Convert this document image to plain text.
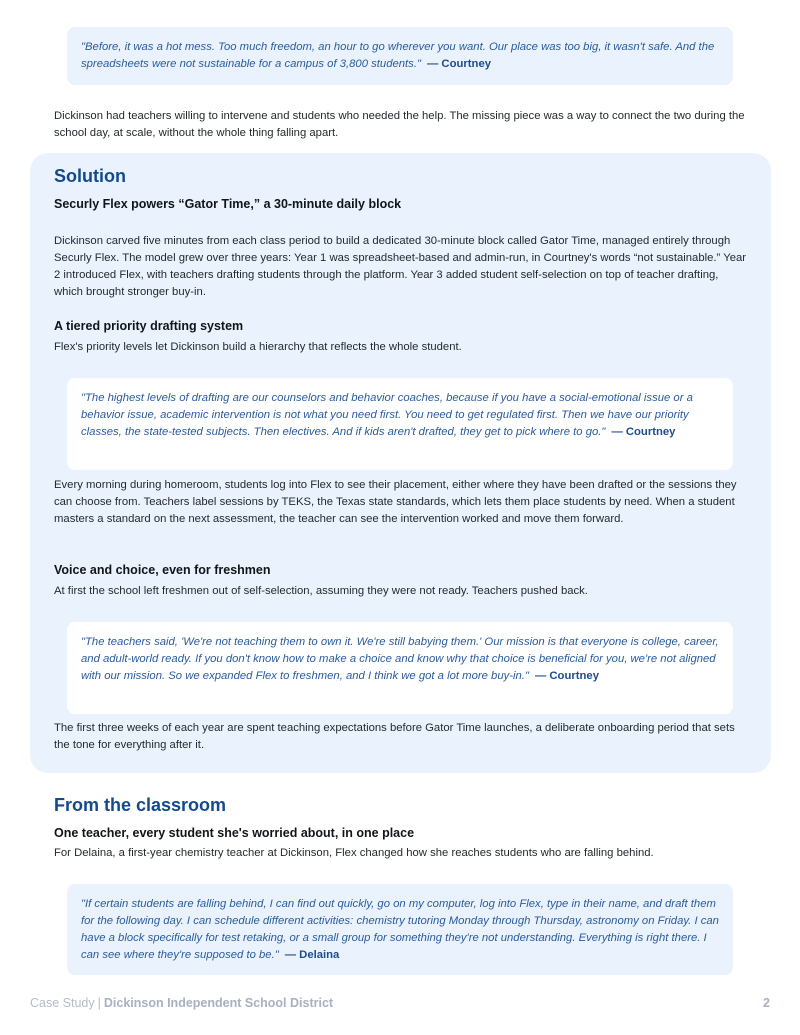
"Before, it was a hot mess. Too much freedom, an hour to go wherever you want. Our place was too big, it wasn't safe. And the spreadsheets were not sustainable for a campus of 3,800 students." — Courtney

Dickinson had teachers willing to intervene and students who needed the help. The missing piece was a way to connect the two during the school day, at scale, without the whole thing falling apart.

Solution
Securly Flex powers “Gator Time,” a 30-minute daily block

Dickinson carved five minutes from each class period to build a dedicated 30-minute block called Gator Time, managed entirely through Securly Flex. The model grew over three years: Year 1 was spreadsheet-based and admin-run, in Courtney's words “not sustainable.” Year 2 introduced Flex, with teachers drafting students through the platform. Year 3 added student self-selection on top of teacher drafting, which brought stronger buy-in.

A tiered priority drafting system

Flex's priority levels let Dickinson build a hierarchy that reflects the whole student.

"The highest levels of drafting are our counselors and behavior coaches, because if you have a social-emotional issue or a behavior issue, academic intervention is not what you need first. You need to get regulated first. Then we have our priority classes, the state-tested subjects. Then electives. And if kids aren't drafted, they get to pick where to go." — Courtney

Every morning during homeroom, students log into Flex to see their placement, either where they have been drafted or the sessions they can choose from. Teachers label sessions by TEKS, the Texas state standards, which lets them place students by need. When a student masters a standard on the next assessment, the teacher can see the intervention worked and move them forward.

Voice and choice, even for freshmen

At first the school left freshmen out of self-selection, assuming they were not ready. Teachers pushed back.

"The teachers said, 'We're not teaching them to own it. We're still babying them.' Our mission is that everyone is college, career, and adult-world ready. If you don't know how to make a choice and know why that choice is beneficial for you, we're not aligned with our mission. So we expanded Flex to freshmen, and I think we got a lot more buy-in." — Courtney

The first three weeks of each year are spent teaching expectations before Gator Time launches, a deliberate onboarding period that sets the tone for everything after it.

From the classroom
One teacher, every student she's worried about, in one place

For Delaina, a first-year chemistry teacher at Dickinson, Flex changed how she reaches students who are falling behind.

"If certain students are falling behind, I can find out quickly, go on my computer, log into Flex, type in their name, and draft them for the following day. I can schedule different activities: chemistry tutoring Monday through Thursday, astronomy on Friday. I can have a block specifically for test retaking, or a small group for something they're not understanding. Everything is right there. I can see where they're supposed to be." — Delaina
Case Study | Dickinson Independent School District	2
